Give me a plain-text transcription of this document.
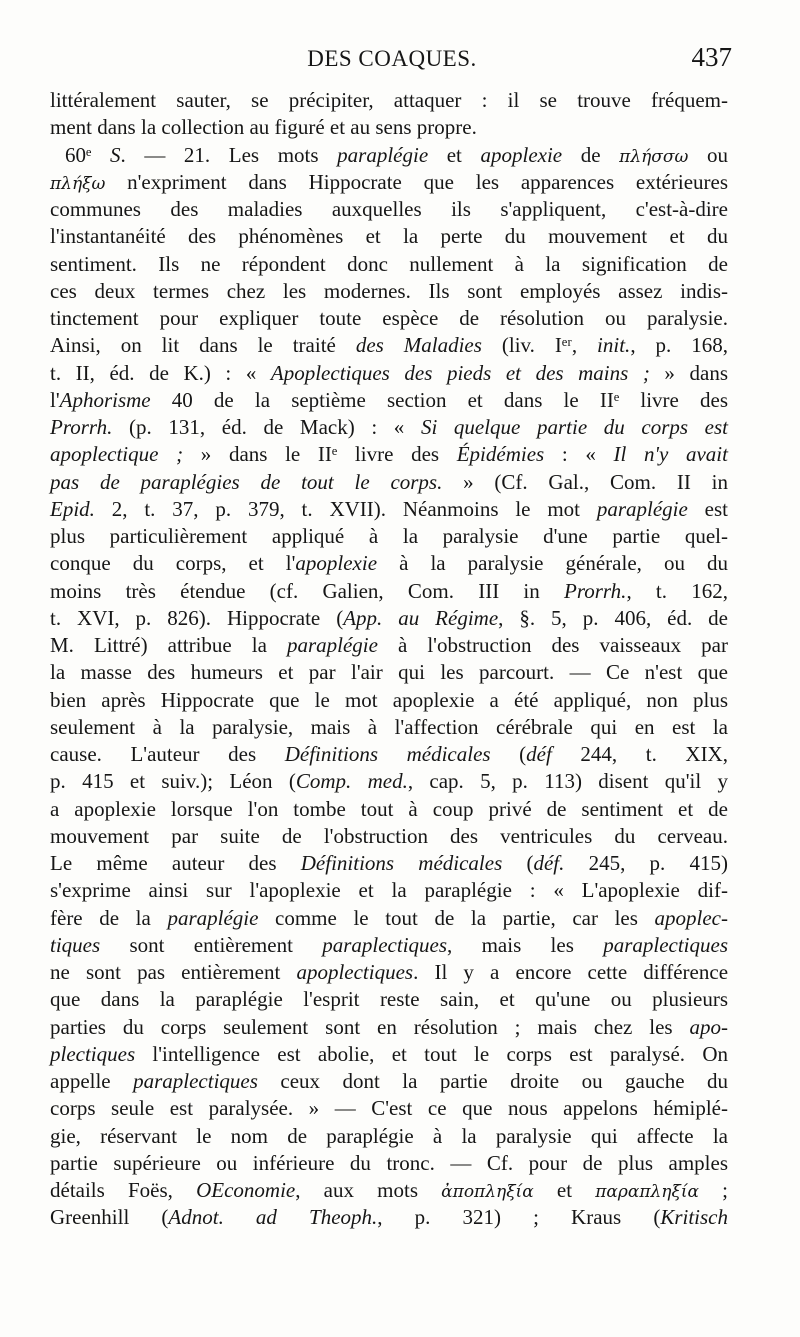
DES COAQUES.	437
littéralement sauter, se précipiter, attaquer : il se trouve fréquem-
ment dans la collection au figuré et au sens propre.
60ᵉ S. — 21. Les mots paraplégie et apoplexie de πλήσσω ou
πλήξω n'expriment dans Hippocrate que les apparences extérieures
communes des maladies auxquelles ils s'appliquent, c'est-à-dire
l'instantanéité des phénomènes et la perte du mouvement et du
sentiment. Ils ne répondent donc nullement à la signification de
ces deux termes chez les modernes. Ils sont employés assez indis-
tinctement pour expliquer toute espèce de résolution ou paralysie.
Ainsi, on lit dans le traité des Maladies (liv. Iᵉʳ, init., p. 168,
t. II, éd. de K.) : « Apoplectiques des pieds et des mains ; » dans
l'Aphorisme 40 de la septième section et dans le IIᵉ livre des
Prorrh. (p. 131, éd. de Mack) : « Si quelque partie du corps est
apoplectique ; » dans le IIᵉ livre des Épidémies : « Il n'y avait
pas de paraplégies de tout le corps. » (Cf. Gal., Com. II in
Epid. 2, t. 37, p. 379, t. XVII). Néanmoins le mot paraplégie est
plus particulièrement appliqué à la paralysie d'une partie quel-
conque du corps, et l'apoplexie à la paralysie générale, ou du
moins très étendue (cf. Galien, Com. III in Prorrh., t. 162,
t. XVI, p. 826). Hippocrate (App. au Régime, §. 5, p. 406, éd. de
M. Littré) attribue la paraplégie à l'obstruction des vaisseaux par
la masse des humeurs et par l'air qui les parcourt. — Ce n'est que
bien après Hippocrate que le mot apoplexie a été appliqué, non plus
seulement à la paralysie, mais à l'affection cérébrale qui en est la
cause. L'auteur des Définitions médicales (déf 244, t. XIX,
p. 415 et suiv.); Léon (Comp. med., cap. 5, p. 113) disent qu'il y
a apoplexie lorsque l'on tombe tout à coup privé de sentiment et de
mouvement par suite de l'obstruction des ventricules du cerveau.
Le même auteur des Définitions médicales (déf. 245, p. 415)
s'exprime ainsi sur l'apoplexie et la paraplégie : « L'apoplexie dif-
fère de la paraplégie comme le tout de la partie, car les apoplec-
tiques sont entièrement paraplectiques, mais les paraplectiques
ne sont pas entièrement apoplectiques. Il y a encore cette différence
que dans la paraplégie l'esprit reste sain, et qu'une ou plusieurs
parties du corps seulement sont en résolution ; mais chez les apo-
plectiques l'intelligence est abolie, et tout le corps est paralysé. On
appelle paraplectiques ceux dont la partie droite ou gauche du
corps seule est paralysée. » — C'est ce que nous appelons hémiplé-
gie, réservant le nom de paraplégie à la paralysie qui affecte la
partie supérieure ou inférieure du tronc. — Cf. pour de plus amples
détails Foës, OEconomie, aux mots ἀποπληξία et παραπληξία ;
Greenhill (Adnot. ad Theoph., p. 321) ; Kraus (Kritisch
